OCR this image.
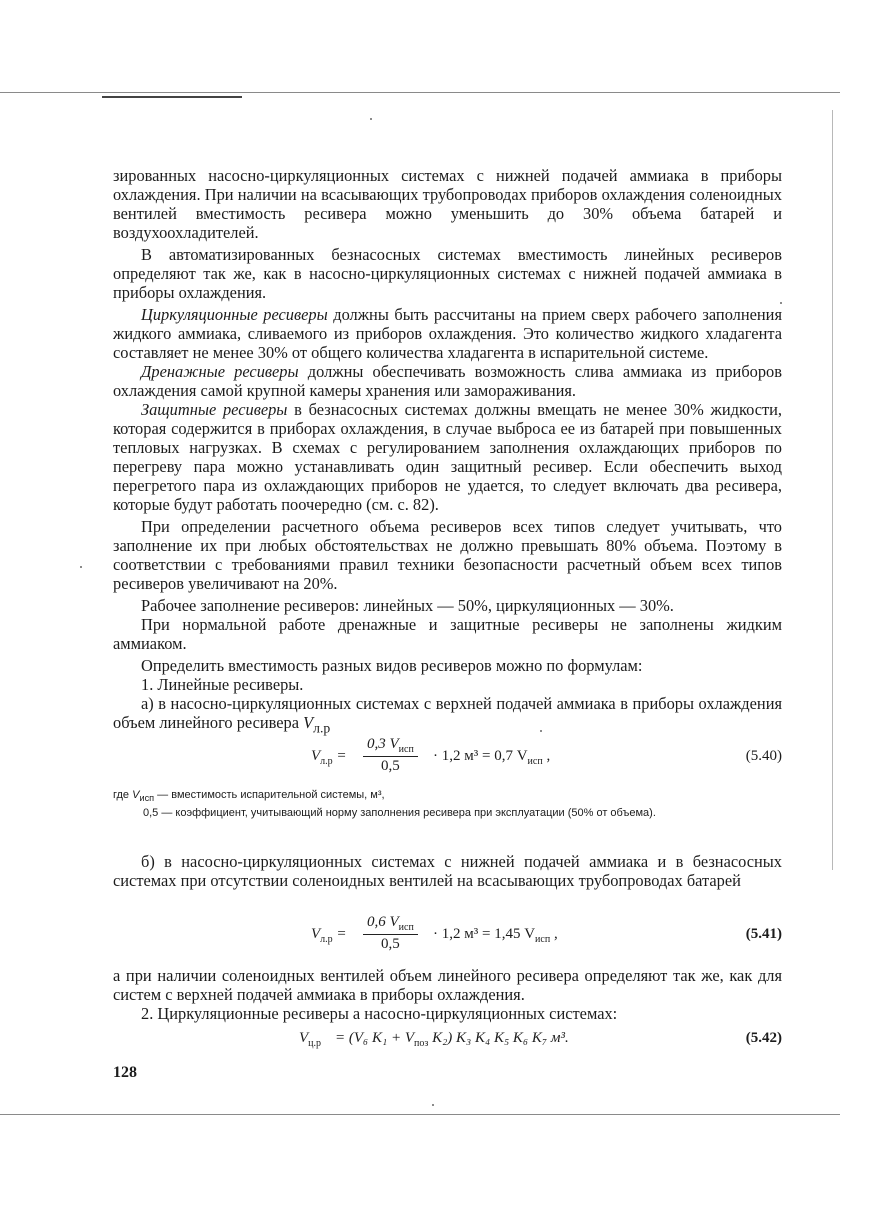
зированных насосно-циркуляционных системах с нижней подачей аммиака в приборы охлаждения. При наличии на всасывающих трубопроводах приборов охлаждения соленоидных вентилей вместимость ресивера можно уменьшить до 30% объема батарей и воздухоохладителей.

В автоматизированных безнасосных системах вместимость линейных ресиверов определяют так же, как в насосно-циркуляционных системах с нижней подачей аммиака в приборы охлаждения.

Циркуляционные ресиверы должны быть рассчитаны на прием сверх рабочего заполнения жидкого аммиака, сливаемого из приборов охлаждения. Это количество жидкого хладагента составляет не менее 30% от общего количества хладагента в испарительной системе.

Дренажные ресиверы должны обеспечивать возможность слива аммиака из приборов охлаждения самой крупной камеры хранения или замораживания.

Защитные ресиверы в безнасосных системах должны вмещать не менее 30% жидкости, которая содержится в приборах охлаждения, в случае выброса ее из батарей при повышенных тепловых нагрузках. В схемах с регулированием заполнения охлаждающих приборов по перегреву пара можно устанавливать один защитный ресивер. Если обеспечить выход перегретого пара из охлаждающих приборов не удается, то следует включать два ресивера, которые будут работать поочередно (см. с. 82).

При определении расчетного объема ресиверов всех типов следует учитывать, что заполнение их при любых обстоятельствах не должно превышать 80% объема. Поэтому в соответствии с требованиями правил техники безопасности расчетный объем всех типов ресиверов увеличивают на 20%.

Рабочее заполнение ресиверов: линейных — 50%, циркуляционных — 30%.

При нормальной работе дренажные и защитные ресиверы не заполнены жидким аммиаком.

Определить вместимость разных видов ресиверов можно по формулам:

1. Линейные ресиверы.

а) в насосно-циркуляционных системах с верхней подачей аммиака в приборы охлаждения объем линейного ресивера $V_{л.р}$

$V_{л.р}$ =
0,3 $V_{исп}$
0,5
· 1,2 м³ = 0,7 $V_{исп}$ ,	(5.40)
где $V_{исп}$ — вместимость испарительной системы, м³,
0,5 — коэффициент, учитывающий норму заполнения ресивера при эксплуатации (50% от объема).

б) в насосно-циркуляционных системах с нижней подачей аммиака и в безнасосных системах при отсутствии соленоидных вентилей на всасывающих трубопроводах батарей

$V_{л.р}$ =
0,6 $V_{исп}$
0,5
· 1,2 м³ = 1,45 $V_{исп}$ ,	(5.41)

а при наличии соленоидных вентилей объем линейного ресивера определяют так же, как для систем с верхней подачей аммиака в приборы охлаждения.

2. Циркуляционные ресиверы а насосно-циркуляционных системах:

$V_{ц.р} = (V_6$ $K_1 + V_{поз}$ K₂) K₃ K₄ K₅ K₆ K₇ м³.	(5.42)
128
